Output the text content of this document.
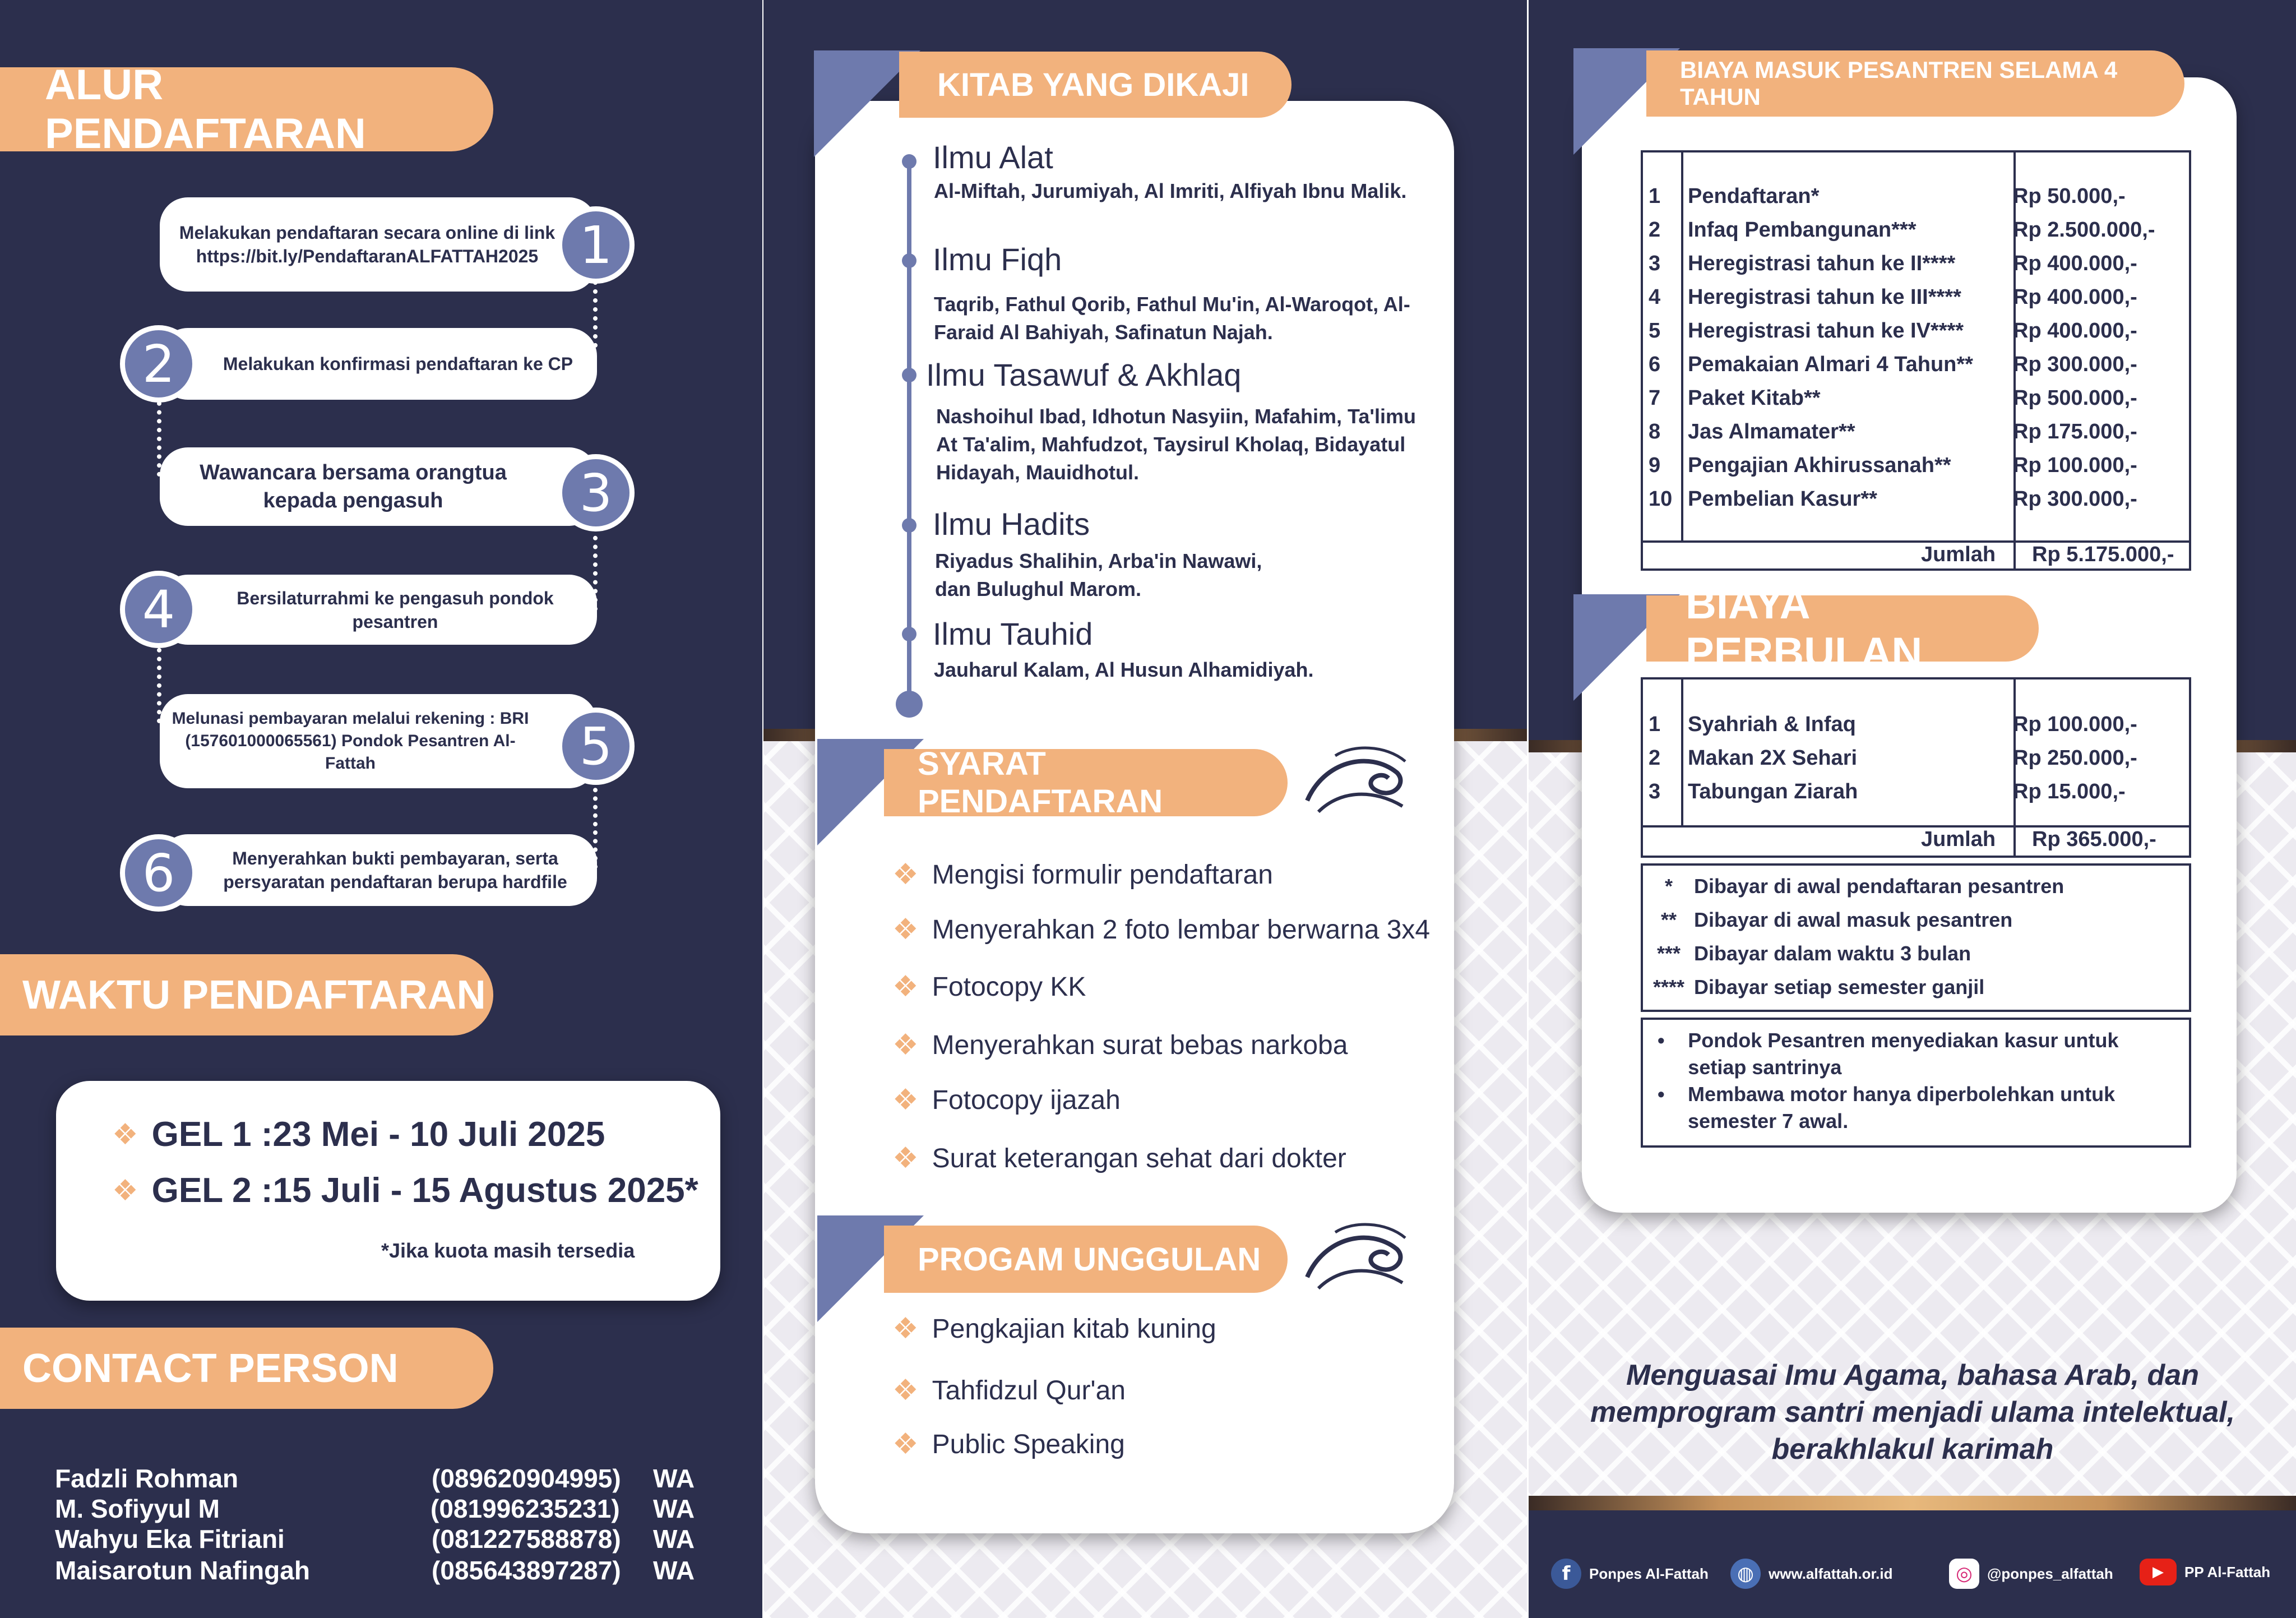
ALUR PENDAFTARAN
Melakukan pendaftaran secara online di link https://bit.ly/PendaftaranALFATTAH2025 1
Melakukan konfirmasi pendaftaran ke CP
2
Wawancara bersama orangtua kepada pengasuh	3
Bersilaturrahmi ke pengasuh pondok pesantren
4
Melunasi pembayaran melalui rekening : BRI (157601000065561) Pondok Pesantren Al-Fattah	5
Menyerahkan bukti pembayaran, serta persyaratan pendaftaran berupa hardfile
6
WAKTU PENDAFTARAN
❖ GEL 1 :23 Mei - 10 Juli 2025
❖ GEL 2 :15 Juli - 15 Agustus 2025*
*Jika kuota masih tersedia
CONTACT PERSON
Fadzli Rohman	(089620904995) WA
M. Sofiyyul M	(081996235231) WA
Wahyu Eka Fitriani	(081227588878) WA
Maisarotun Nafingah	(085643897287) WA
KITAB YANG DIKAJI
Ilmu Alat
Al-Miftah, Jurumiyah, Al Imriti, Alfiyah Ibnu Malik.
Ilmu Fiqh
Taqrib, Fathul Qorib, Fathul Mu'in, Al-Waroqot, Al-Faraid Al Bahiyah, Safinatun Najah.
Ilmu Tasawuf & Akhlaq
Nashoihul Ibad, Idhotun Nasyiin, Mafahim, Ta'limu At Ta'alim, Mahfudzot, Taysirul Kholaq, Bidayatul Hidayah, Mauidhotul.
Ilmu Hadits
Riyadus Shalihin, Arba'in Nawawi, dan Bulughul Marom.
Ilmu Tauhid
Jauharul Kalam, Al Husun Alhamidiyah.
SYARAT PENDAFTARAN
❖ Mengisi formulir pendaftaran
❖ Menyerahkan 2 foto lembar berwarna 3x4
❖ Fotocopy KK
❖ Menyerahkan surat bebas narkoba
❖ Fotocopy ijazah
❖ Surat keterangan sehat dari dokter
PROGAM UNGGULAN
❖ Pengkajian kitab kuning
❖ Tahfidzul Qur'an
❖ Public Speaking
BIAYA MASUK PESANTREN SELAMA 4 TAHUN
1	Pendaftaran*	Rp 50.000,-
2	Infaq Pembangunan***	Rp 2.500.000,-
3	Heregistrasi tahun ke II****	Rp 400.000,-
4	Heregistrasi tahun ke III****	Rp 400.000,-
5	Heregistrasi tahun ke IV****	Rp 400.000,-
6	Pemakaian Almari 4 Tahun**	Rp 300.000,-
7	Paket Kitab**	Rp 500.000,-
8	Jas Almamater**	Rp 175.000,-
9	Pengajian Akhirussanah**	Rp 100.000,-
10	Pembelian Kasur**	Rp 300.000,-
Jumlah Rp 5.175.000,-
BIAYA PERBULAN
1	Syahriah & Infaq	Rp 100.000,-
2	Makan 2X Sehari	Rp 250.000,-
3	Tabungan Ziarah	Rp 15.000,-
Jumlah Rp 365.000,-
*	Dibayar di awal pendaftaran pesantren
** Dibayar di awal masuk pesantren
*** Dibayar dalam waktu 3 bulan
**** Dibayar setiap semester ganjil
•	Pondok Pesantren menyediakan kasur untuk setiap santrinya
•	Membawa motor hanya diperbolehkan untuk semester 7 awal.
Menguasai Imu Agama, bahasa Arab, dan memprogram santri menjadi ulama intelektual, berakhlakul karimah
f	Ponpes Al-Fattah	◍	www.alfattah.or.id	◎	@ponpes_alfattah	▶	PP Al-Fattah
